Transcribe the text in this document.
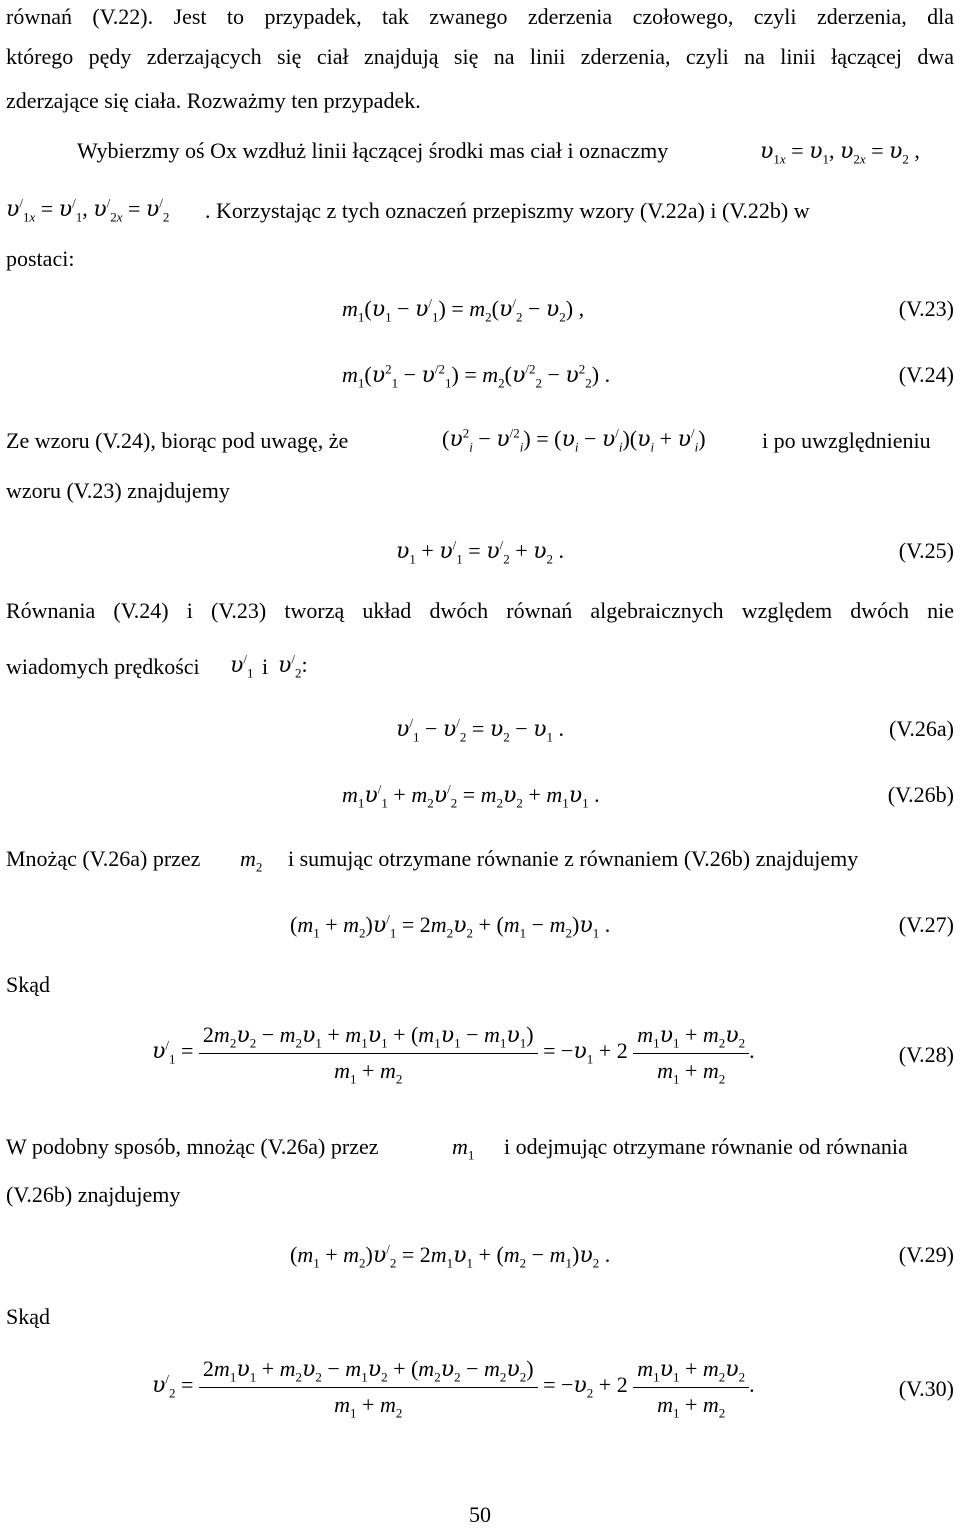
równań (V.22). Jest to przypadek, tak zwanego zderzenia czołowego, czyli zderzenia, dla
którego pędy zderzających się ciał znajdują się na linii zderzenia, czyli na linii łączącej dwa
zderzające się ciała. Rozważmy ten przypadek.
Wybierzmy oś Ox wzdłuż linii łączącej środki mas ciał i oznaczmy	$\upsilon_{1x} = \upsilon_1$, $\upsilon_{2x} = \upsilon_2$ ,
$\upsilon^/_{1x} = \upsilon^/_1$, $\upsilon^/_{2x} = \upsilon^/_2$ . Korzystając z tych oznaczeń przepiszmy wzory (V.22a) i (V.22b) w
postaci:
$m_1(\upsilon_1 - \upsilon^/_1) = m_2(\upsilon^/_2 - \upsilon_2)$ ,	(V.23)
$m_1(\upsilon^2_1 - \upsilon^{/2}_1) = m_2(\upsilon^{/2}_2 - \upsilon^2_2)$ .	(V.24)
Ze wzoru (V.24), biorąc pod uwagę, że	$(\upsilon^2_i - \upsilon^{/2}_i) = (\upsilon_i - \upsilon^/_i)(\upsilon_i + \upsilon^/_i)$	i po uwzględnieniu
wzoru (V.23) znajdujemy
$\upsilon_1 + \upsilon^/_1 = \upsilon^/_2 + \upsilon_2$ .	(V.25)
Równania (V.24) i (V.23) tworzą układ dwóch równań algebraicznych względem dwóch nie
wiadomych prędkości $\upsilon^/_1$ i $\upsilon^/_2$:
$\upsilon^/_1 - \upsilon^/_2 = \upsilon_2 - \upsilon_1$ .	(V.26a)
$m_1\upsilon^/_1 + m_2\upsilon^/_2 = m_2\upsilon_2 + m_1\upsilon_1$ .	(V.26b)
Mnożąc (V.26a) przez $m_2$ i sumując otrzymane równanie z równaniem (V.26b) znajdujemy
$(m_1 + m_2)\upsilon^/_1 = 2m_2\upsilon_2 + (m_1 - m_2)\upsilon_1$ .	(V.27)
Skąd
$\upsilon^/_1 = \frac{2m_2\upsilon_2 - m_2\upsilon_1 + m_1\upsilon_1 + (m_1\upsilon_1 - m_1\upsilon_1)}{m_1 + m_2} = -\upsilon_1 + 2 \frac{m_1\upsilon_1 + m_2\upsilon_2}{m_1 + m_2}$ .	(V.28)
W podobny sposób, mnożąc (V.26a) przez	$m_1$ i odejmując otrzymane równanie od równania
(V.26b) znajdujemy
$(m_1 + m_2)\upsilon^/_2 = 2m_1\upsilon_1 + (m_2 - m_1)\upsilon_2$ .	(V.29)
Skąd
$\upsilon^/_2 = \frac{2m_1\upsilon_1 + m_2\upsilon_2 - m_1\upsilon_2 + (m_2\upsilon_2 - m_2\upsilon_2)}{m_1 + m_2} = -\upsilon_2 + 2 \frac{m_1\upsilon_1 + m_2\upsilon_2}{m_1 + m_2}$ .	(V.30)
50
